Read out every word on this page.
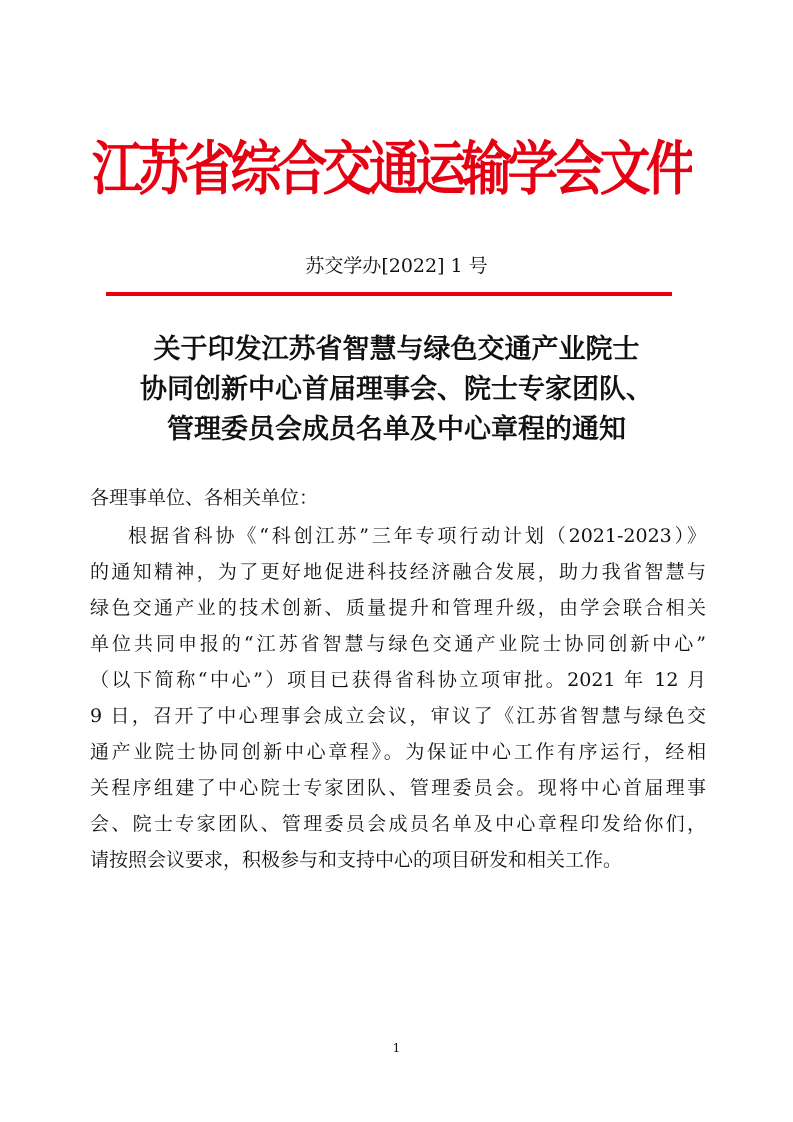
江苏省综合交通运输学会文件
苏交学办[2022] 1 号
关于印发江苏省智慧与绿色交通产业院士
协同创新中心首届理事会、院士专家团队、
管理委员会成员名单及中心章程的通知
各理事单位、各相关单位：
根据省科协《“科创江苏”三年专项行动计划（2021-2023）》
的通知精神，为了更好地促进科技经济融合发展，助力我省智慧与
绿色交通产业的技术创新、质量提升和管理升级，由学会联合相关
单位共同申报的“江苏省智慧与绿色交通产业院士协同创新中心”
（以下简称“中心”）项目已获得省科协立项审批。2021 年 12 月
9 日，召开了中心理事会成立会议，审议了《江苏省智慧与绿色交
通产业院士协同创新中心章程》。为保证中心工作有序运行，经相
关程序组建了中心院士专家团队、管理委员会。现将中心首届理事
会、院士专家团队、管理委员会成员名单及中心章程印发给你们，
请按照会议要求，积极参与和支持中心的项目研发和相关工作。
1
